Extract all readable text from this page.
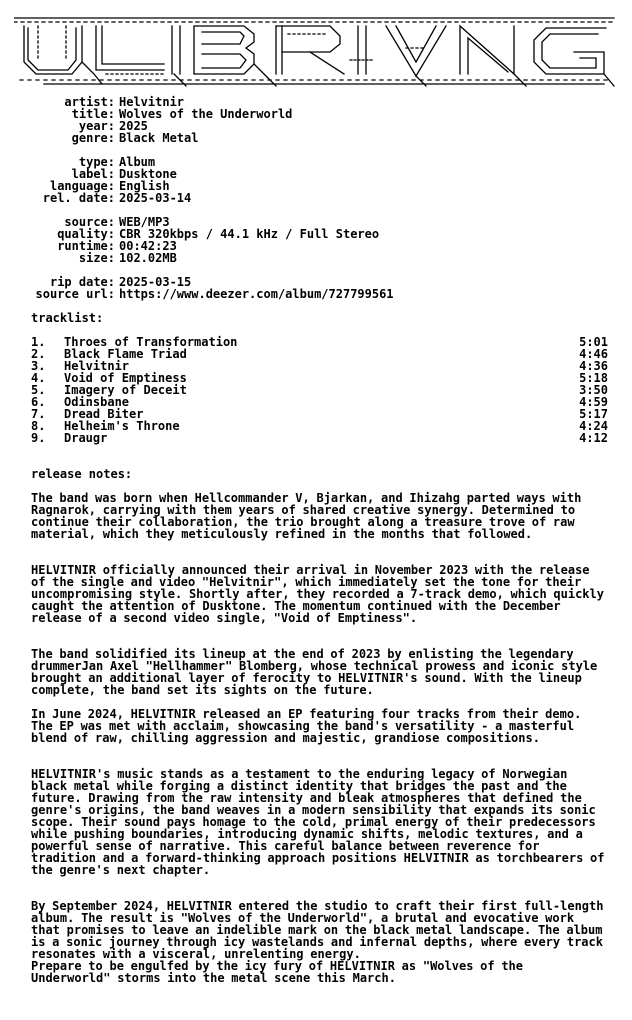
artist: Helvitnir
title: Wolves of the Underworld
year: 2025
genre: Black Metal
type: Album
label: Dusktone
language: English
rel. date: 2025-03-14
source: WEB/MP3
quality: CBR 320kbps / 44.1 kHz / Full Stereo
runtime: 00:42:23
size: 102.02MB
rip date: 2025-03-15
source url: https://www.deezer.com/album/727799561
tracklist:
1. Throes of Transformation	5:01
2. Black Flame Triad	4:46
3. Helvitnir	4:36
4. Void of Emptiness	5:18
5. Imagery of Deceit	3:50
6. Odinsbane	4:59
7. Dread Biter	5:17
8. Helheim's Throne	4:24
9. Draugr	4:12
release notes:
The band was born when Hellcommander V, Bjarkan, and Ihizahg parted ways with Ragnarok, carrying with them years of shared creative synergy. Determined to continue their collaboration, the trio brought along a treasure trove of raw material, which they meticulously refined in the months that followed.
HELVITNIR officially announced their arrival in November 2023 with the release of the single and video "Helvitnir", which immediately set the tone for their uncompromising style. Shortly after, they recorded a 7-track demo, which quickly caught the attention of Dusktone. The momentum continued with the December release of a second video single, "Void of Emptiness".
The band solidified its lineup at the end of 2023 by enlisting the legendary drummerJan Axel "Hellhammer" Blomberg, whose technical prowess and iconic style brought an additional layer of ferocity to HELVITNIR's sound. With the lineup complete, the band set its sights on the future.
In June 2024, HELVITNIR released an EP featuring four tracks from their demo. The EP was met with acclaim, showcasing the band's versatility - a masterful blend of raw, chilling aggression and majestic, grandiose compositions.
HELVITNIR's music stands as a testament to the enduring legacy of Norwegian black metal while forging a distinct identity that bridges the past and the future. Drawing from the raw intensity and bleak atmospheres that defined the genre's origins, the band weaves in a modern sensibility that expands its sonic scope. Their sound pays homage to the cold, primal energy of their predecessors while pushing boundaries, introducing dynamic shifts, melodic textures, and a powerful sense of narrative. This careful balance between reverence for tradition and a forward-thinking approach positions HELVITNIR as torchbearers of the genre's next chapter.
By September 2024, HELVITNIR entered the studio to craft their first full-length album. The result is "Wolves of the Underworld", a brutal and evocative work that promises to leave an indelible mark on the black metal landscape. The album is a sonic journey through icy wastelands and infernal depths, where every track resonates with a visceral, unrelenting energy.
Prepare to be engulfed by the icy fury of HELVITNIR as "Wolves of the Underworld" storms into the metal scene this March.
